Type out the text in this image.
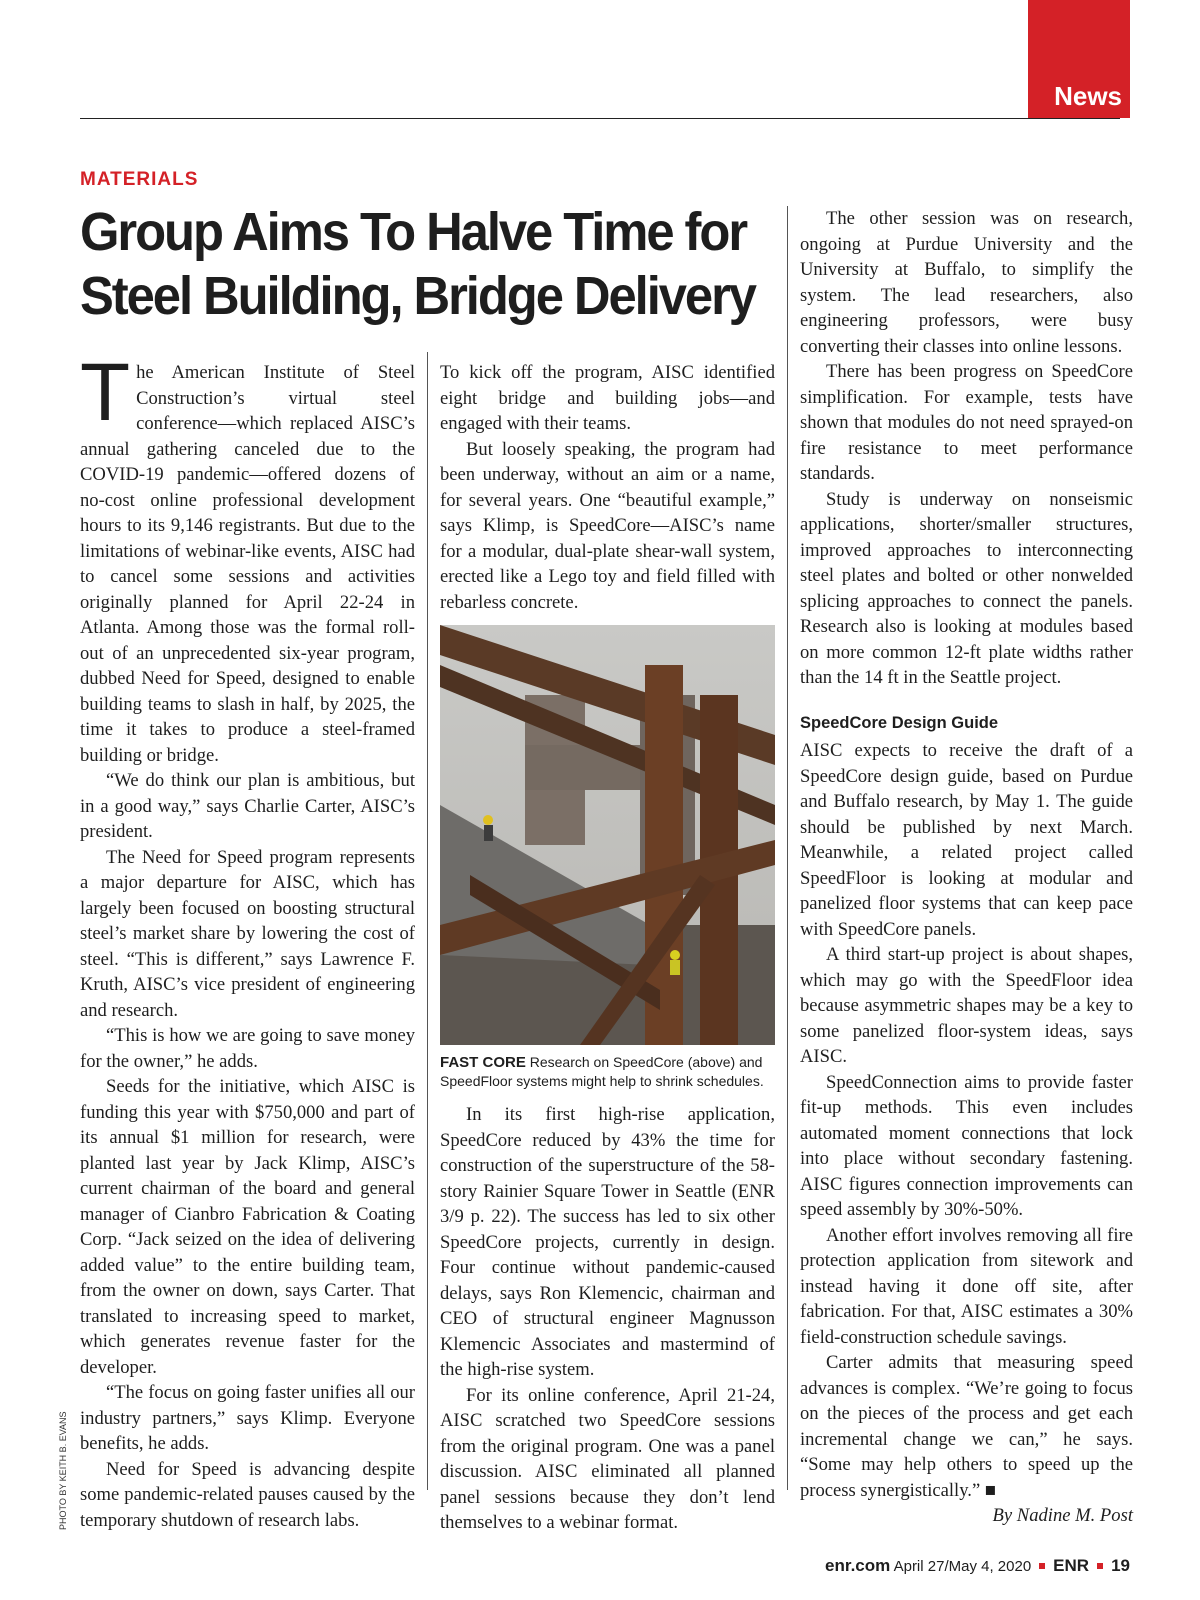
News
MATERIALS
Group Aims To Halve Time for
Steel Building, Bridge Delivery

The American Institute of Steel Construction’s virtual steel conference—which replaced AISC’s annual gathering canceled due to the COVID-19 pandemic—offered dozens of no-cost online professional development hours to its 9,146 registrants. But due to the limitations of webinar-like events, AISC had to cancel some sessions and activities originally planned for April 22-24 in Atlanta. Among those was the formal roll-out of an unprecedented six-year program, dubbed Need for Speed, designed to enable building teams to slash in half, by 2025, the time it takes to produce a steel-framed building or bridge.

“We do think our plan is ambitious, but in a good way,” says Charlie Carter, AISC’s president.

The Need for Speed program represents a major departure for AISC, which has largely been focused on boosting structural steel’s market share by lowering the cost of steel. “This is different,” says Lawrence F. Kruth, AISC’s vice president of engineering and research.

“This is how we are going to save money for the owner,” he adds.

Seeds for the initiative, which AISC is funding this year with $750,000 and part of its annual $1 million for research, were planted last year by Jack Klimp, AISC’s current chairman of the board and general manager of Cianbro Fabrication & Coating Corp. “Jack seized on the idea of delivering added value” to the entire building team, from the owner on down, says Carter. That translated to increasing speed to market, which generates revenue faster for the developer.

“The focus on going faster unifies all our industry partners,” says Klimp. Everyone benefits, he adds.

Need for Speed is advancing despite some pandemic-related pauses caused by the temporary shutdown of research labs.

To kick off the program, AISC identified eight bridge and building jobs—and engaged with their teams.

But loosely speaking, the program had been underway, without an aim or a name, for several years. One “beautiful example,” says Klimp, is SpeedCore—AISC’s name for a modular, dual-plate shear-wall system, erected like a Lego toy and field filled with rebarless concrete.

FAST CORE Research on SpeedCore (above) and SpeedFloor systems might help to shrink schedules.

In its first high-rise application, SpeedCore reduced by 43% the time for construction of the superstructure of the 58-story Rainier Square Tower in Seattle (ENR 3/9 p. 22). The success has led to six other SpeedCore projects, currently in design. Four continue without pandemic-caused delays, says Ron Klemencic, chairman and CEO of structural engineer Magnusson Klemencic Associates and mastermind of the high-rise system.

For its online conference, April 21-24, AISC scratched two SpeedCore sessions from the original program. One was a panel discussion. AISC eliminated all planned panel sessions because they don’t lend themselves to a webinar format.

The other session was on research, ongoing at Purdue University and the University at Buffalo, to simplify the system. The lead researchers, also engineering professors, were busy converting their classes into online lessons.

There has been progress on SpeedCore simplification. For example, tests have shown that modules do not need sprayed-on fire resistance to meet performance standards.

Study is underway on nonseismic applications, shorter/smaller structures, improved approaches to interconnecting steel plates and bolted or other nonwelded splicing approaches to connect the panels. Research also is looking at modules based on more common 12-ft plate widths rather than the 14 ft in the Seattle project.

SpeedCore Design Guide

AISC expects to receive the draft of a SpeedCore design guide, based on Purdue and Buffalo research, by May 1. The guide should be published by next March. Meanwhile, a related project called SpeedFloor is looking at modular and panelized floor systems that can keep pace with SpeedCore panels.

A third start-up project is about shapes, which may go with the SpeedFloor idea because asymmetric shapes may be a key to some panelized floor-system ideas, says AISC.

SpeedConnection aims to provide faster fit-up methods. This even includes automated moment connections that lock into place without secondary fastening. AISC figures connection improvements can speed assembly by 30%-50%.

Another effort involves removing all fire protection application from sitework and instead having it done off site, after fabrication. For that, AISC estimates a 30% field-construction schedule savings.

Carter admits that measuring speed advances is complex. “We’re going to focus on the pieces of the process and get each incremental change we can,” he says. “Some may help others to speed up the process synergistically.” ■

By Nadine M. Post

PHOTO BY KEITH B. EVANS
enr.com April 27/May 4, 2020 ENR 19
